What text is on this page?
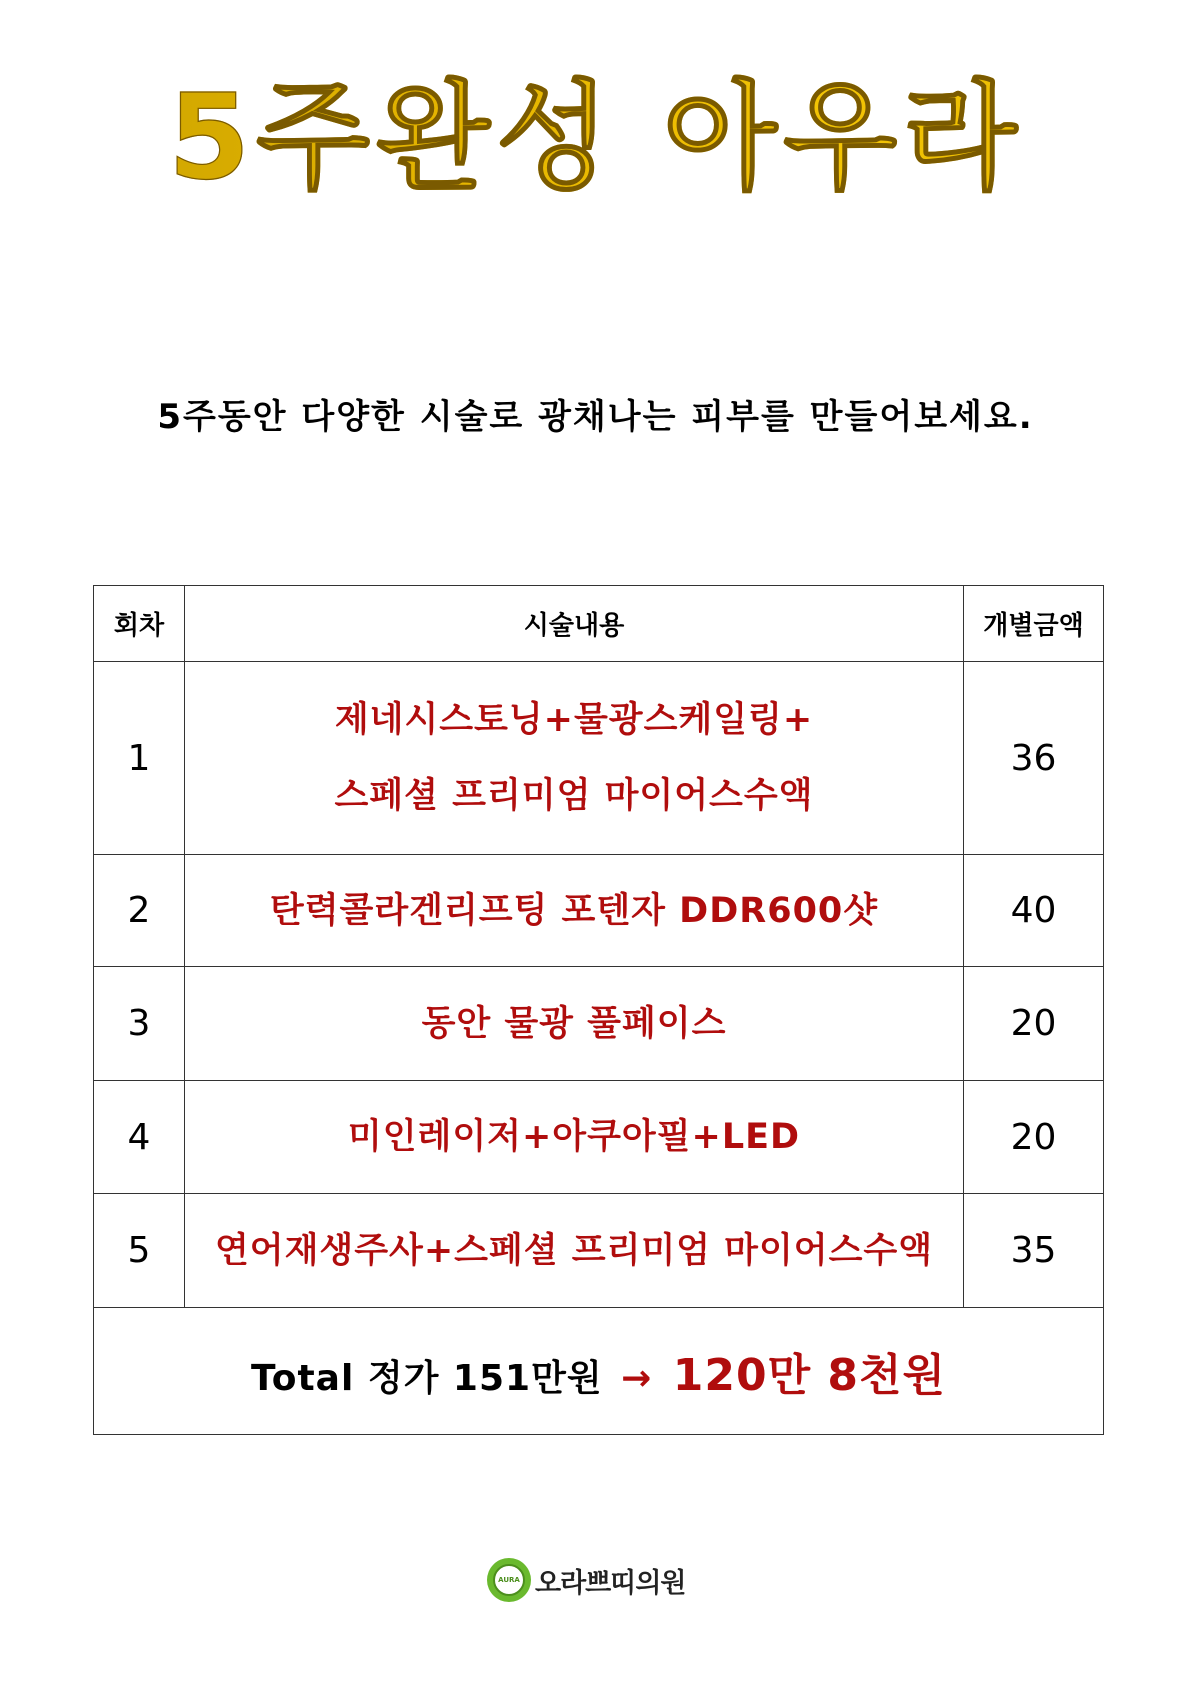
5주완성 아우라
5주동안 다양한 시술로 광채나는 피부를 만들어보세요.
회차	시술내용	개별금액
1	제네시스토닝+물광스케일링+
스페셜 프리미엄 마이어스수액	36
2	탄력콜라겐리프팅 포텐자 DDR600샷	40
3	동안 물광 풀페이스	20
4	미인레이저+아쿠아필+LED	20
5	연어재생주사+스페셜 프리미엄 마이어스수액	35
Total 정가 151만원 → 120만 8천원		
AURA 오라쁘띠의원
